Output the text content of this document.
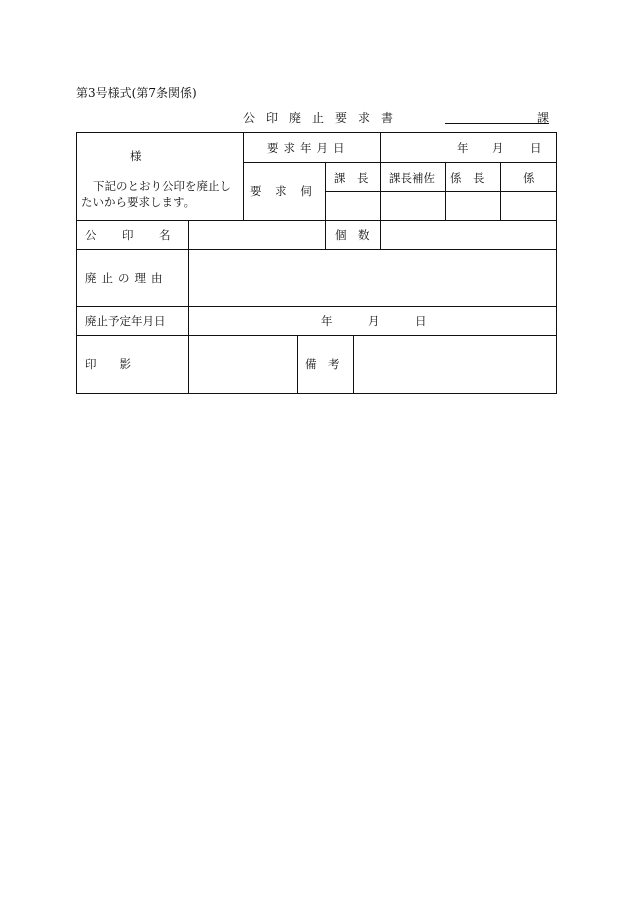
第3号様式(第7条関係)
公印廃止要求書	課
様
下記のとおり公印を廃止し
たいから要求します。
要求年月日	年 月 日
要 求 伺
課　長 課長補佐 係　長	係
公　印　名	個　数
廃止の理由
廃止予定年月日	年	月	日
印　　影	備　考
